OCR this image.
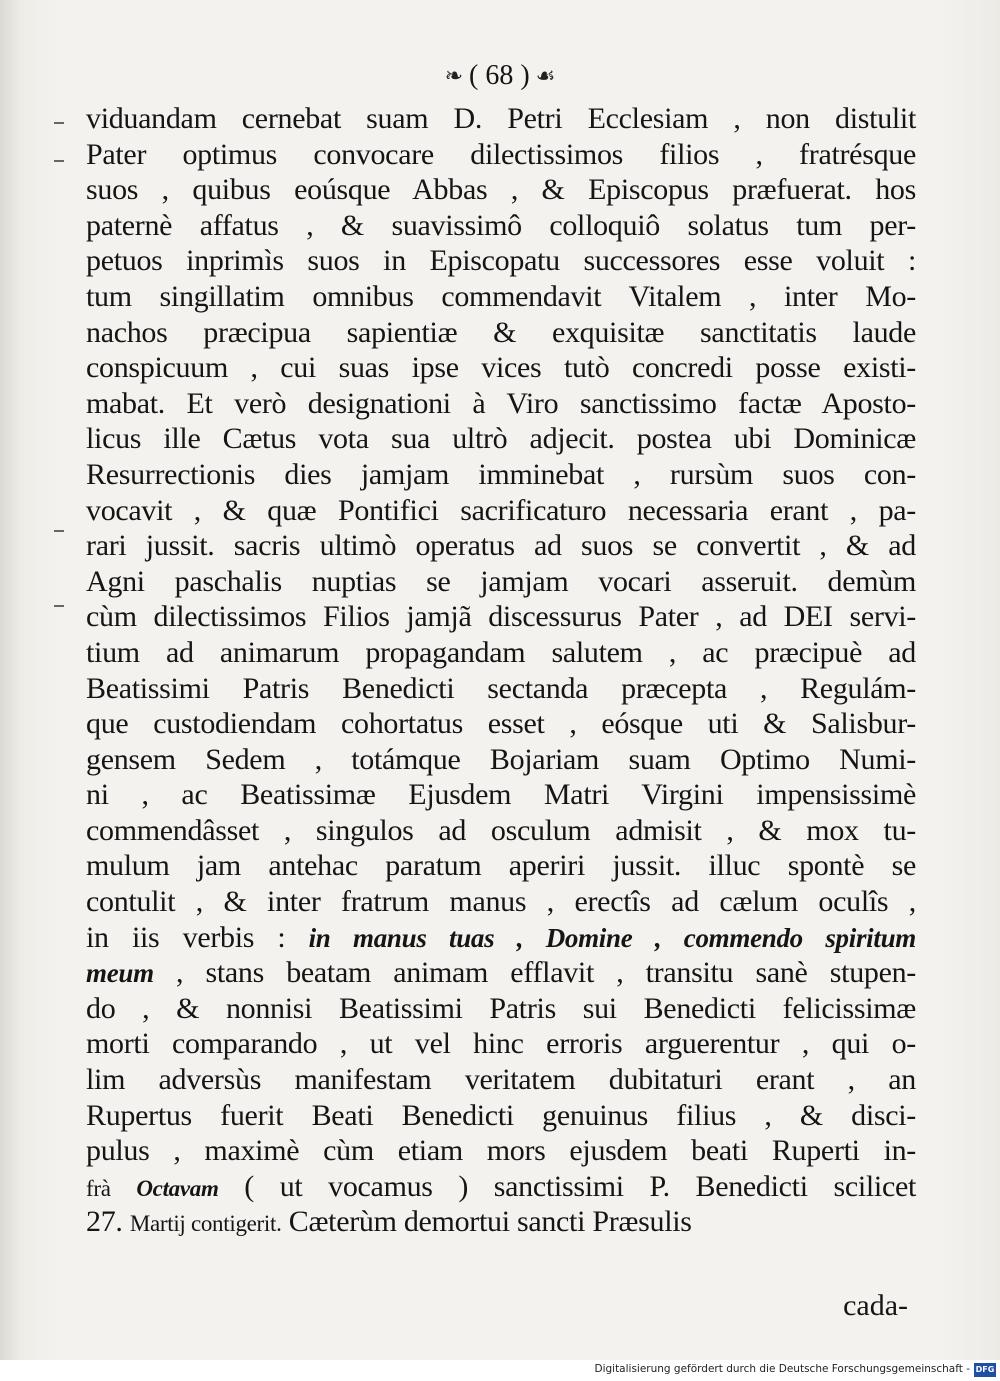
❧ ( 68 ) ☙
viduandam cernebat suam D. Petri Ecclesiam , non distulit
Pater optimus convocare dilectissimos filios , fratrésque
suos , quibus eoúsque Abbas , & Episcopus præfuerat. hos
paternè affatus , & suavissimô colloquiô solatus tum per-
petuos inprimìs suos in Episcopatu successores esse voluit :
tum singillatim omnibus commendavit Vitalem , inter Mo-
nachos præcipua sapientiæ & exquisitæ sanctitatis laude
conspicuum , cui suas ipse vices tutò concredi posse existi-
mabat. Et verò designationi à Viro sanctissimo factæ Aposto-
licus ille Cætus vota sua ultrò adjecit. postea ubi Dominicæ
Resurrectionis dies jamjam imminebat , rursùm suos con-
vocavit , & quæ Pontifici sacrificaturo necessaria erant , pa-
rari jussit. sacris ultimò operatus ad suos se convertit , & ad
Agni paschalis nuptias se jamjam vocari asseruit. demùm
cùm dilectissimos Filios jamjã discessurus Pater , ad DEI servi-
tium ad animarum propagandam salutem , ac præcipuè ad
Beatissimi Patris Benedicti sectanda præcepta , Regulám-
que custodiendam cohortatus esset , eósque uti & Salisbur-
gensem Sedem , totámque Bojariam suam Optimo Numi-
ni , ac Beatissimæ Ejusdem Matri Virgini impensissimè
commendâsset , singulos ad osculum admisit , & mox tu-
mulum jam antehac paratum aperiri jussit. illuc spontè se
contulit , & inter fratrum manus , erectîs ad cælum oculîs ,
in iis verbis : in manus tuas , Domine , commendo spiritum
meum , stans beatam animam efflavit , transitu sanè stupen-
do , & nonnisi Beatissimi Patris sui Benedicti felicissimæ
morti comparando , ut vel hinc erroris arguerentur , qui o-
lim adversùs manifestam veritatem dubitaturi erant , an
Rupertus fuerit Beati Benedicti genuinus filius , & disci-
pulus , maximè cùm etiam mors ejusdem beati Ruperti in-
frà Octavam ( ut vocamus ) sanctissimi P. Benedicti scilicet
27. Martij contigerit. Cæterùm demortui sancti Præsulis
cada-
Digitalisierung gefördert durch die Deutsche Forschungsgemeinschaft - DFG
